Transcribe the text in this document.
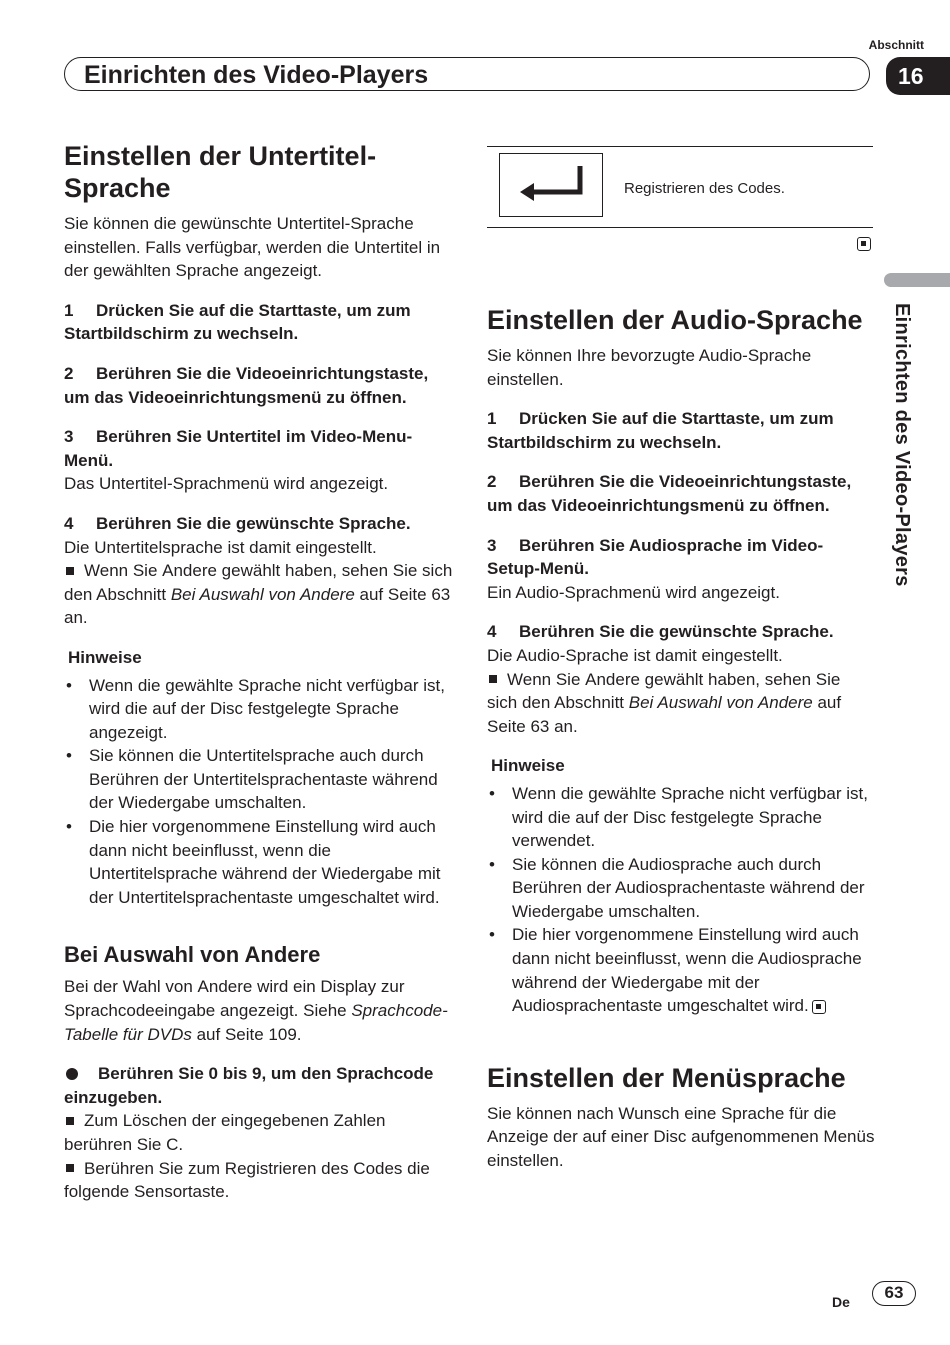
Abschnitt
Einrichten des Video-Players	16
Einrichten des Video-Players
Einstellen der Untertitel-Sprache

Sie können die gewünschte Untertitel-Sprache einstellen. Falls verfügbar, werden die Untertitel in der gewählten Sprache angezeigt.

1 Drücken Sie auf die Starttaste, um zum Startbildschirm zu wechseln.

2 Berühren Sie die Videoeinrichtungstaste, um das Videoeinrichtungsmenü zu öffnen.

3 Berühren Sie Untertitel im Video-Menu-Menü.

Das Untertitel-Sprachmenü wird angezeigt.

4 Berühren Sie die gewünschte Sprache.

Die Untertitelsprache ist damit eingestellt.

Wenn Sie Andere gewählt haben, sehen Sie sich den Abschnitt Bei Auswahl von Andere auf Seite 63 an.

Hinweise

• Wenn die gewählte Sprache nicht verfügbar ist, wird die auf der Disc festgelegte Sprache angezeigt.
• Sie können die Untertitelsprache auch durch Berühren der Untertitelsprachentaste während der Wiedergabe umschalten.
• Die hier vorgenommene Einstellung wird auch dann nicht beeinflusst, wenn die Untertitelsprache während der Wiedergabe mit der Untertitelsprachentaste umgeschaltet wird.
Bei Auswahl von Andere

Bei der Wahl von Andere wird ein Display zur Sprachcodeeingabe angezeigt. Siehe Sprachcode-Tabelle für DVDs auf Seite 109.

Berühren Sie 0 bis 9, um den Sprachcode einzugeben.

Zum Löschen der eingegebenen Zahlen berühren Sie C.

Berühren Sie zum Registrieren des Codes die folgende Sensortaste.

Registrieren des Codes.
Einstellen der Audio-Sprache

Sie können Ihre bevorzugte Audio-Sprache einstellen.

1 Drücken Sie auf die Starttaste, um zum Startbildschirm zu wechseln.

2 Berühren Sie die Videoeinrichtungstaste, um das Videoeinrichtungsmenü zu öffnen.

3 Berühren Sie Audiosprache im Video-Setup-Menü.

Ein Audio-Sprachmenü wird angezeigt.

4 Berühren Sie die gewünschte Sprache.

Die Audio-Sprache ist damit eingestellt.

Wenn Sie Andere gewählt haben, sehen Sie sich den Abschnitt Bei Auswahl von Andere auf Seite 63 an.

Hinweise

• Wenn die gewählte Sprache nicht verfügbar ist, wird die auf der Disc festgelegte Sprache verwendet.
• Sie können die Audiosprache auch durch Berühren der Audiosprachentaste während der Wiedergabe umschalten.
• Die hier vorgenommene Einstellung wird auch dann nicht beeinflusst, wenn die Audiosprache während der Wiedergabe mit der Audiosprachentaste umgeschaltet wird.
Einstellen der Menüsprache

Sie können nach Wunsch eine Sprache für die Anzeige der auf einer Disc aufgenommenen Menüs einstellen.

De	63
